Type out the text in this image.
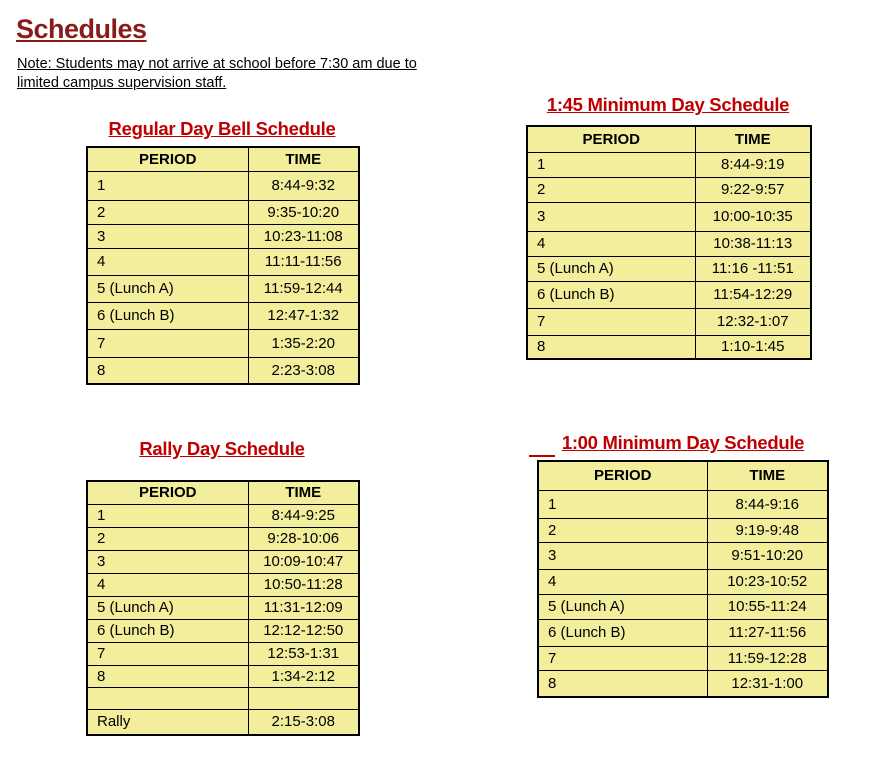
Schedules
Note: Students may not arrive at school before 7:30 am due to limited campus supervision staff.
Regular Day Bell Schedule
PERIOD	TIME
1	8:44-9:32
2	9:35-10:20
3	10:23-11:08
4	11:11-11:56
5 (Lunch A)	11:59-12:44
6 (Lunch B)	12:47-1:32
7	1:35-2:20
8	2:23-3:08
1:45 Minimum Day Schedule
PERIOD	TIME
1	8:44-9:19
2	9:22-9:57
3	10:00-10:35
4	10:38-11:13
5 (Lunch A)	11:16 -11:51
6 (Lunch B)	11:54-12:29
7	12:32-1:07
8	1:10-1:45
Rally Day Schedule
PERIOD	TIME
1	8:44-9:25
2	9:28-10:06
3	10:09-10:47
4	10:50-11:28
5 (Lunch A)	11:31-12:09
6 (Lunch B)	12:12-12:50
7	12:53-1:31
8	1:34-2:12

Rally	2:15-3:08
1:00 Minimum Day Schedule
PERIOD	TIME
1	8:44-9:16
2	9:19-9:48
3	9:51-10:20
4	10:23-10:52
5 (Lunch A)	10:55-11:24
6 (Lunch B)	11:27-11:56
7	11:59-12:28
8	12:31-1:00
